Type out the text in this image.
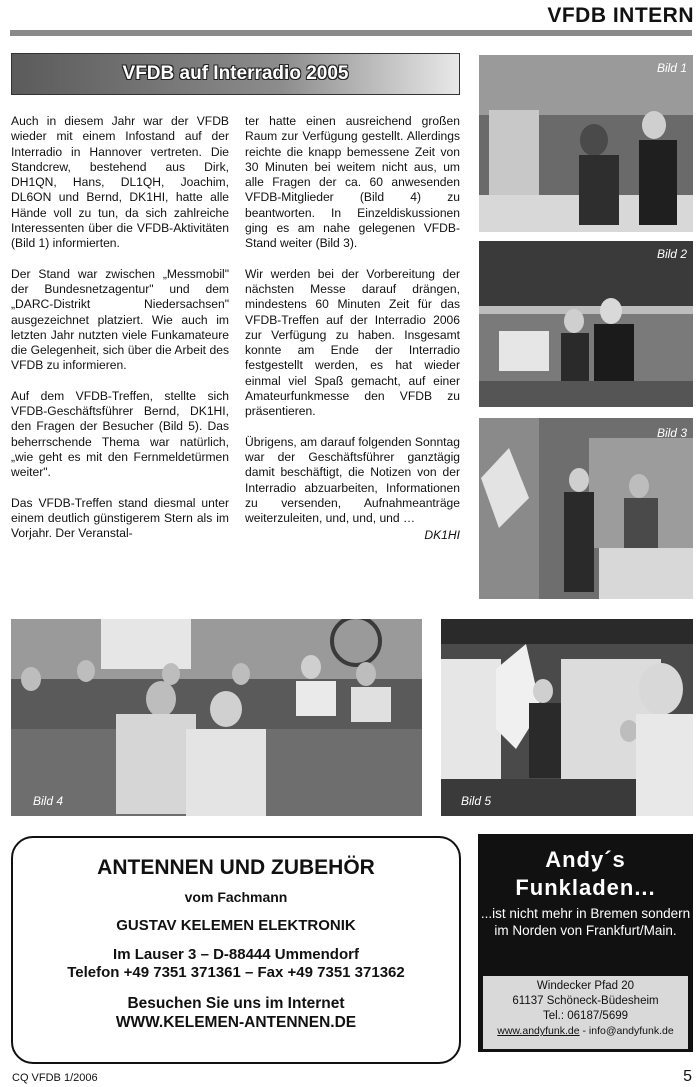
VFDB INTERN
VFDB auf Interradio 2005

Auch in diesem Jahr war der VFDB wieder mit einem Infostand auf der Interradio in Hannover vertreten. Die Standcrew, bestehend aus Dirk, DH1QN, Hans, DL1QH, Joachim, DL6ON und Bernd, DK1HI, hatte alle Hände voll zu tun, da sich zahlreiche Interessenten über die VFDB-Aktivitäten (Bild 1) informierten.

Der Stand war zwischen „Messmobil" der Bundesnetzagentur" und dem „DARC-Distrikt Niedersachsen" ausgezeichnet platziert. Wie auch im letzten Jahr nutzten viele Funkamateure die Gelegenheit, sich über die Arbeit des VFDB zu informieren.

Auf dem VFDB-Treffen, stellte sich VFDB-Geschäftsführer Bernd, DK1HI, den Fragen der Besucher (Bild 5). Das beherrschende Thema war natürlich, „wie geht es mit den Fernmeldetürmen weiter".

Das VFDB-Treffen stand diesmal unter einem deutlich günstigerem Stern als im Vorjahr. Der Veranstal-

ter hatte einen ausreichend großen Raum zur Verfügung gestellt. Allerdings reichte die knapp bemessene Zeit von 30 Minuten bei weitem nicht aus, um alle Fragen der ca. 60 anwesenden VFDB-Mitglieder (Bild 4) zu beantworten. In Einzeldiskussionen ging es am nahe gelegenen VFDB-Stand weiter (Bild 3).

Wir werden bei der Vorbereitung der nächsten Messe darauf drängen, mindestens 60 Minuten Zeit für das VFDB-Treffen auf der Interradio 2006 zur Verfügung zu haben. Insgesamt konnte am Ende der Interradio festgestellt werden, es hat wieder einmal viel Spaß gemacht, auf einer Amateurfunkmesse den VFDB zu präsentieren.

Übrigens, am darauf folgenden Sonntag war der Geschäftsführer ganztägig damit beschäftigt, die Notizen von der Interradio abzuarbeiten, Informationen zu versenden, Aufnahmeanträge weiterzuleiten, und, und, und …

DK1HI

Bild 1
Bild 2
Bild 3
Bild 4	Bild 5
ANTENNEN UND ZUBEHÖR
vom Fachmann
GUSTAV KELEMEN ELEKTRONIK
Im Lauser 3 – D-88444 Ummendorf
Telefon +49 7351 371361 – Fax +49 7351 371362
Besuchen Sie uns im Internet
WWW.KELEMEN-ANTENNEN.DE
Andy´s
Funkladen...
...ist nicht mehr in Bremen sondern im Norden von Frankfurt/Main.
Windecker Pfad 20
61137 Schöneck-Büdesheim
Tel.: 06187/5699
www.andyfunk.de - info@andyfunk.de
CQ VFDB 1/2006	5
